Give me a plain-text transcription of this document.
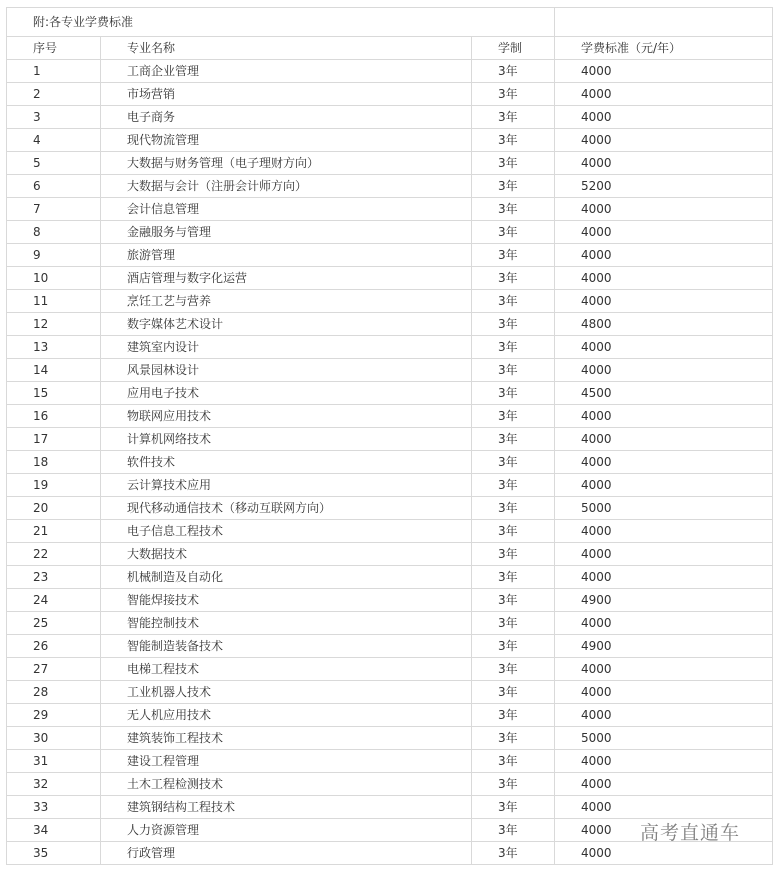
附:各专业学费标准			
序号	专业名称	学制	学费标准（元/年）
1	工商企业管理	3年	4000
2	市场营销	3年	4000
3	电子商务	3年	4000
4	现代物流管理	3年	4000
5	大数据与财务管理（电子理财方向）	3年	4000
6	大数据与会计（注册会计师方向）	3年	5200
7	会计信息管理	3年	4000
8	金融服务与管理	3年	4000
9	旅游管理	3年	4000
10	酒店管理与数字化运营	3年	4000
11	烹饪工艺与营养	3年	4000
12	数字媒体艺术设计	3年	4800
13	建筑室内设计	3年	4000
14	风景园林设计	3年	4000
15	应用电子技术	3年	4500
16	物联网应用技术	3年	4000
17	计算机网络技术	3年	4000
18	软件技术	3年	4000
19	云计算技术应用	3年	4000
20	现代移动通信技术（移动互联网方向）	3年	5000
21	电子信息工程技术	3年	4000
22	大数据技术	3年	4000
23	机械制造及自动化	3年	4000
24	智能焊接技术	3年	4900
25	智能控制技术	3年	4000
26	智能制造装备技术	3年	4900
27	电梯工程技术	3年	4000
28	工业机器人技术	3年	4000
29	无人机应用技术	3年	4000
30	建筑装饰工程技术	3年	5000
31	建设工程管理	3年	4000
32	土木工程检测技术	3年	4000
33	建筑钢结构工程技术	3年	4000
34	人力资源管理	3年	4000
35	行政管理	3年	4000
高考直通车
